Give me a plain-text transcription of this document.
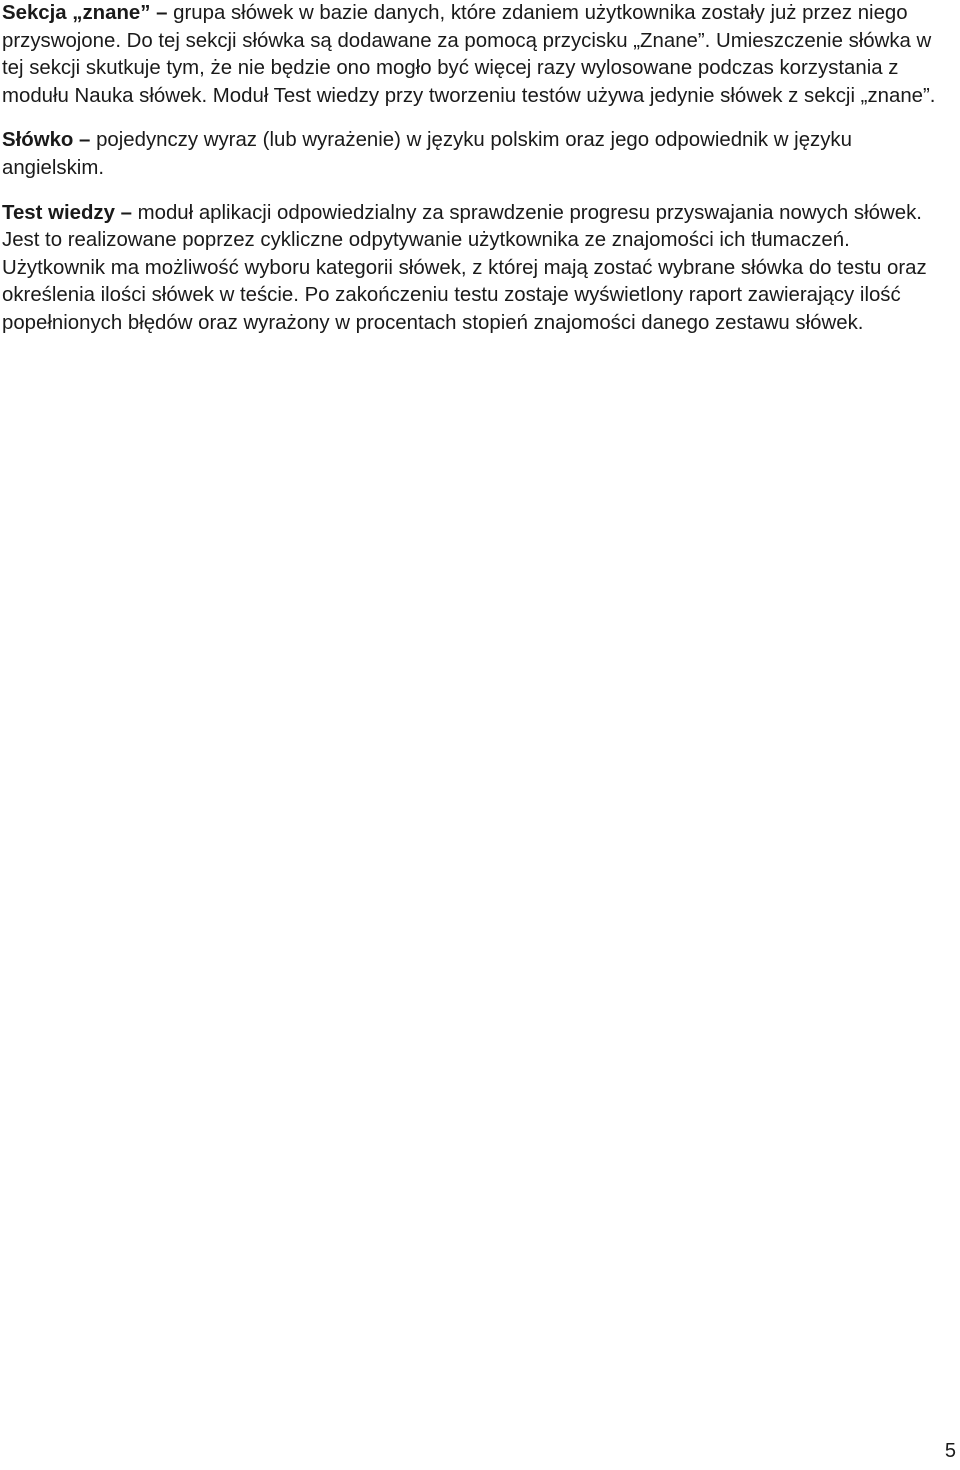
Sekcja „znane” – grupa słówek w bazie danych, które zdaniem użytkownika zostały już przez niego przyswojone. Do tej sekcji słówka są dodawane za pomocą przycisku „Znane”. Umieszczenie słówka w tej sekcji skutkuje tym, że nie będzie ono mogło być więcej razy wylosowane podczas korzystania z modułu Nauka słówek. Moduł Test wiedzy przy tworzeniu testów używa jedynie słówek z sekcji „znane”.

Słówko – pojedynczy wyraz (lub wyrażenie) w języku polskim oraz jego odpowiednik w języku angielskim.

Test wiedzy – moduł aplikacji odpowiedzialny za sprawdzenie progresu przyswajania nowych słówek. Jest to realizowane poprzez cykliczne odpytywanie użytkownika ze znajomości ich tłumaczeń. Użytkownik ma możliwość wyboru kategorii słówek, z której mają zostać wybrane słówka do testu oraz określenia ilości słówek w teście. Po zakończeniu testu zostaje wyświetlony raport zawierający ilość popełnionych błędów oraz wyrażony w procentach stopień znajomości danego zestawu słówek.

5
